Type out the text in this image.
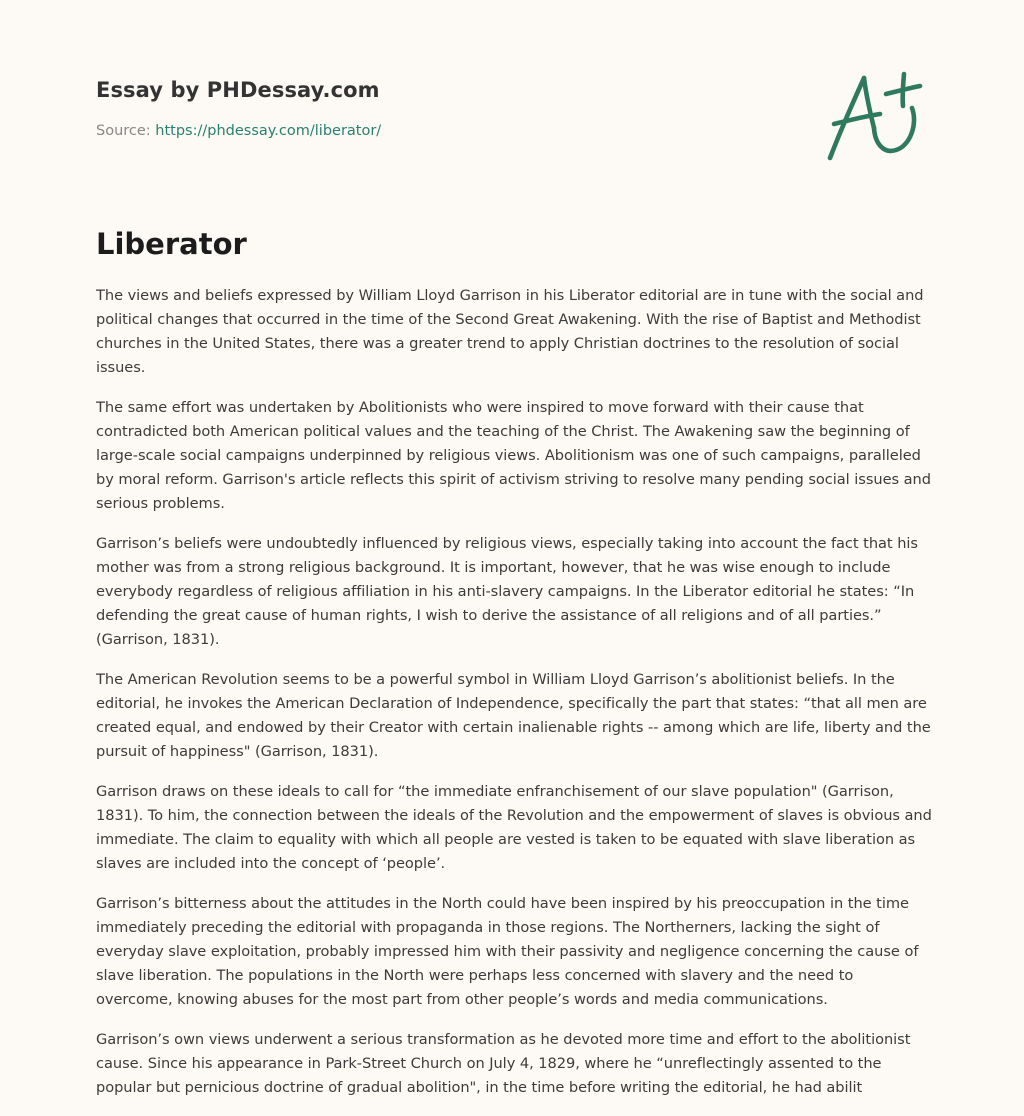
Essay by PHDessay.com
Source: https://phdessay.com/liberator/
Liberator

The views and beliefs expressed by William Lloyd Garrison in his Liberator editorial are in tune with the social and political changes that occurred in the time of the Second Great Awakening. With the rise of Baptist and Methodist churches in the United States, there was a greater trend to apply Christian doctrines to the resolution of social issues.

The same effort was undertaken by Abolitionists who were inspired to move forward with their cause that contradicted both American political values and the teaching of the Christ. The Awakening saw the beginning of large-scale social campaigns underpinned by religious views. Abolitionism was one of such campaigns, paralleled by moral reform. Garrison's article reflects this spirit of activism striving to resolve many pending social issues and serious problems.

Garrison’s beliefs were undoubtedly influenced by religious views, especially taking into account the fact that his mother was from a strong religious background. It is important, however, that he was wise enough to include everybody regardless of religious affiliation in his anti-slavery campaigns. In the Liberator editorial he states: “In defending the great cause of human rights, I wish to derive the assistance of all religions and of all parties.” (Garrison, 1831).

The American Revolution seems to be a powerful symbol in William Lloyd Garrison’s abolitionist beliefs. In the editorial, he invokes the American Declaration of Independence, specifically the part that states: “that all men are created equal, and endowed by their Creator with certain inalienable rights -- among which are life, liberty and the pursuit of happiness" (Garrison, 1831).

Garrison draws on these ideals to call for “the immediate enfranchisement of our slave population" (Garrison, 1831). To him, the connection between the ideals of the Revolution and the empowerment of slaves is obvious and immediate. The claim to equality with which all people are vested is taken to be equated with slave liberation as slaves are included into the concept of ‘people’.

Garrison’s bitterness about the attitudes in the North could have been inspired by his preoccupation in the time immediately preceding the editorial with propaganda in those regions. The Northerners, lacking the sight of everyday slave exploitation, probably impressed him with their passivity and negligence concerning the cause of slave liberation. The populations in the North were perhaps less concerned with slavery and the need to overcome, knowing abuses for the most part from other people’s words and media communications.

Garrison’s own views underwent a serious transformation as he devoted more time and effort to the abolitionist cause. Since his appearance in Park-Street Church on July 4, 1829, where he “unreflectingly assented to the popular but pernicious doctrine of gradual abolition", in the time before writing the editorial, he had abilit
